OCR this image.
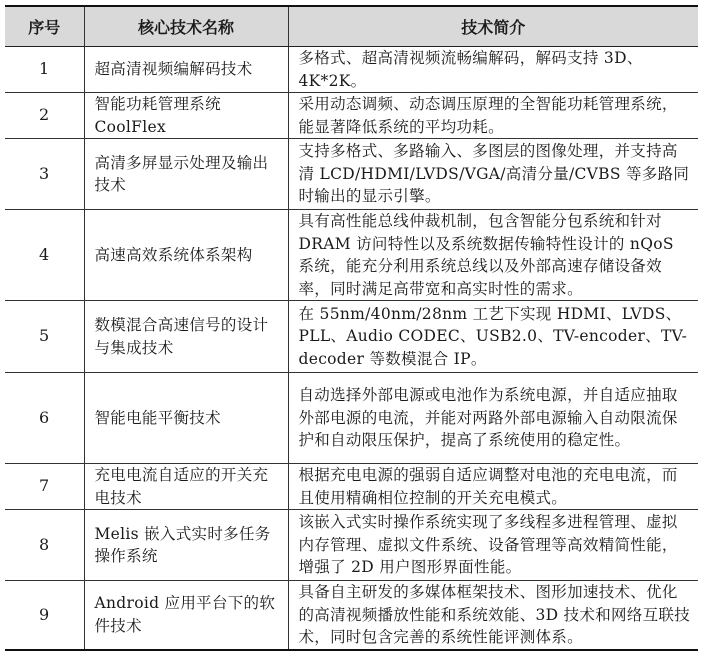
序号	核心技术名称	技术简介
1	超高清视频编解码技术	多格式、超高清视频流畅编解码，解码支持 3D、4K*2K。
2	智能功耗管理系统 CoolFlex	采用动态调频、动态调压原理的全智能功耗管理系统，能显著降低系统的平均功耗。
3	高清多屏显示处理及输出技术	支持多格式、多路输入、多图层的图像处理，并支持高清 LCD/HDMI/LVDS/VGA/高清分量/CVBS 等多路同时输出的显示引擎。
4	高速高效系统体系架构	具有高性能总线仲裁机制，包含智能分包系统和针对 DRAM 访问特性以及系统数据传输特性设计的 nQoS 系统，能充分利用系统总线以及外部高速存储设备效率，同时满足高带宽和高实时性的需求。
5	数模混合高速信号的设计与集成技术	在 55nm/40nm/28nm 工艺下实现 HDMI、LVDS、PLL、Audio CODEC、USB2.0、TV-encoder、TV-decoder 等数模混合 IP。
6	智能电能平衡技术	自动选择外部电源或电池作为系统电源，并自适应抽取外部电源的电流，并能对两路外部电源输入自动限流保护和自动限压保护，提高了系统使用的稳定性。
7	充电电流自适应的开关充电技术	根据充电电源的强弱自适应调整对电池的充电电流，而且使用精确相位控制的开关充电模式。
8	Melis 嵌入式实时多任务操作系统	该嵌入式实时操作系统实现了多线程多进程管理、虚拟内存管理、虚拟文件系统、设备管理等高效精简性能，增强了 2D 用户图形界面性能。
9	Android 应用平台下的软件技术	具备自主研发的多媒体框架技术、图形加速技术、优化的高清视频播放性能和系统效能、3D 技术和网络互联技术，同时包含完善的系统性能评测体系。
